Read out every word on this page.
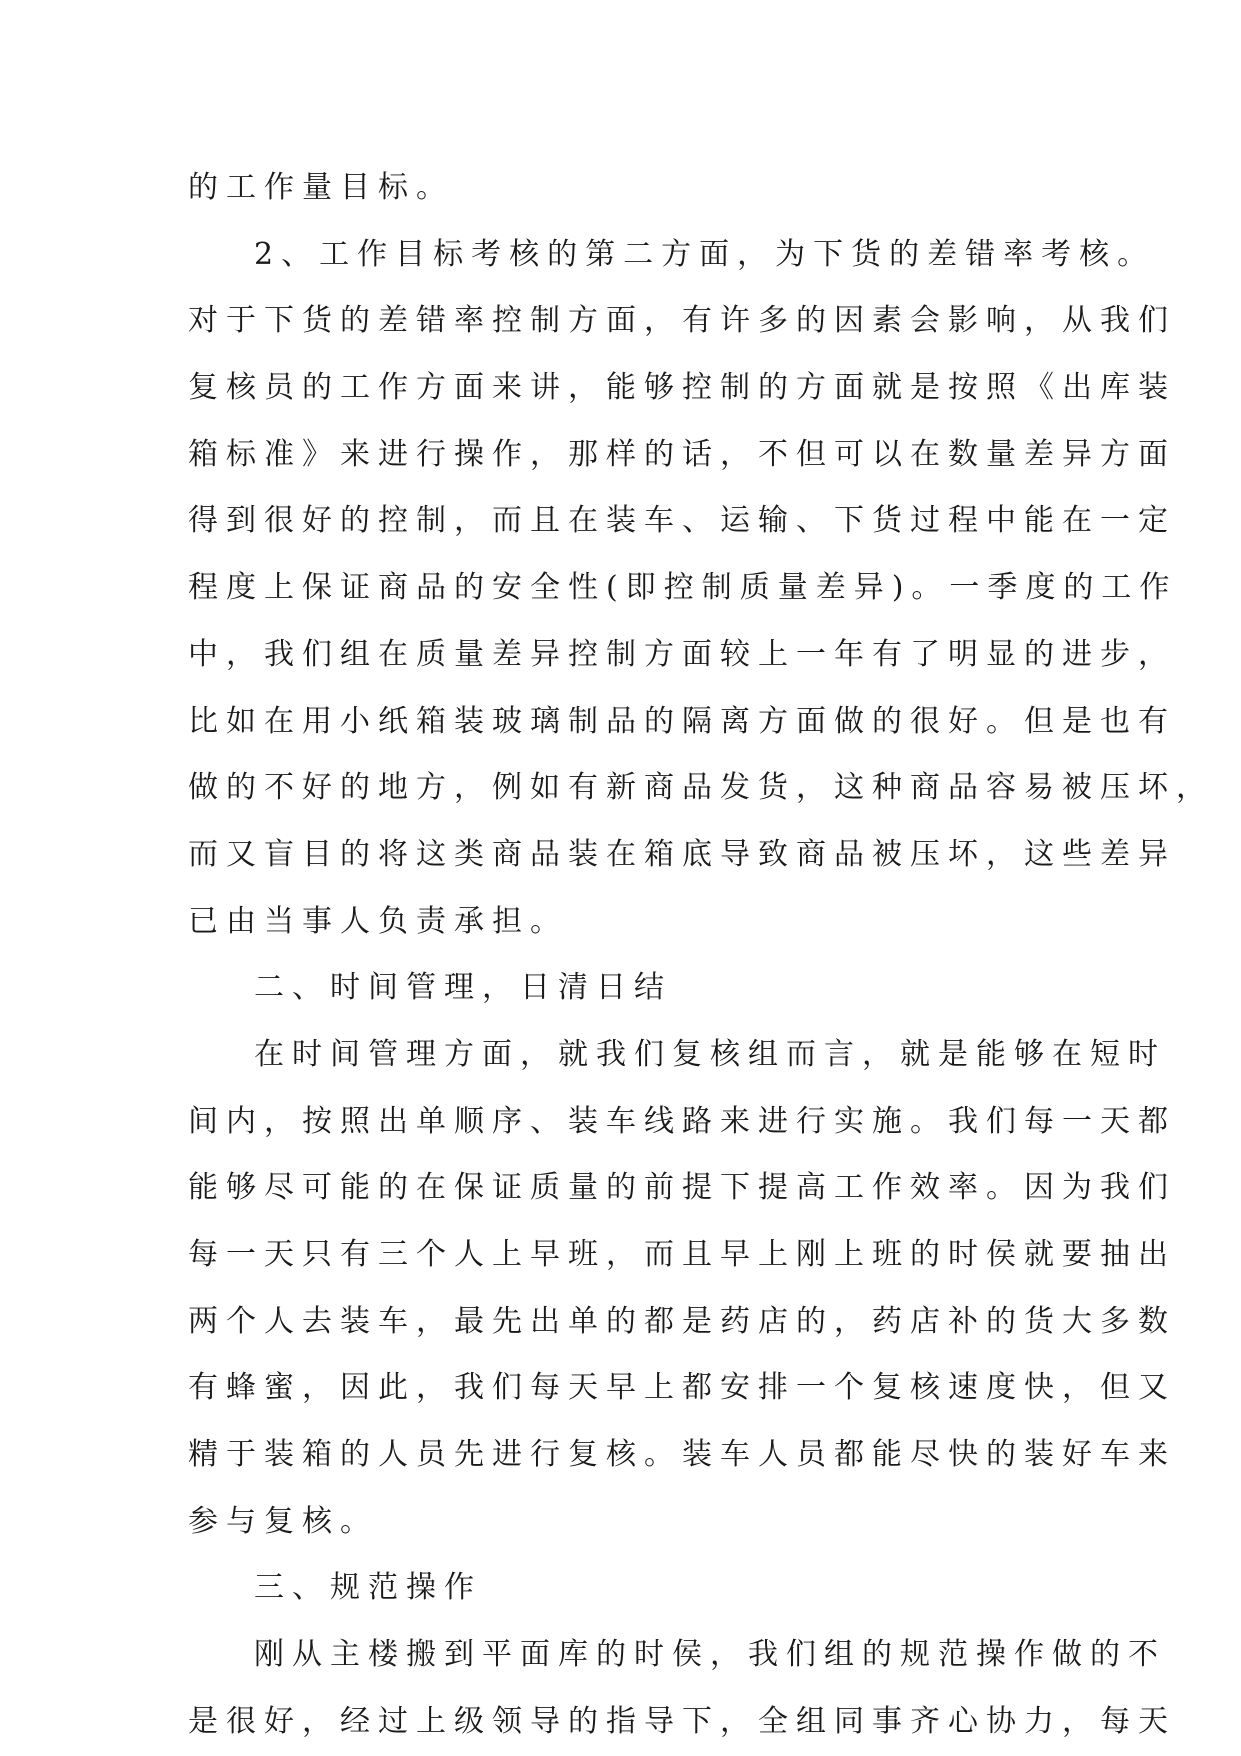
的工作量目标。
2、工作目标考核的第二方面，为下货的差错率考核。
对于下货的差错率控制方面，有许多的因素会影响，从我们
复核员的工作方面来讲，能够控制的方面就是按照《出库装
箱标准》来进行操作，那样的话，不但可以在数量差异方面
得到很好的控制，而且在装车、运输、下货过程中能在一定
程度上保证商品的安全性(即控制质量差异)。一季度的工作
中，我们组在质量差异控制方面较上一年有了明显的进步，
比如在用小纸箱装玻璃制品的隔离方面做的很好。但是也有
做的不好的地方，例如有新商品发货，这种商品容易被压坏，
而又盲目的将这类商品装在箱底导致商品被压坏，这些差异
已由当事人负责承担。
二、时间管理，日清日结
在时间管理方面，就我们复核组而言，就是能够在短时
间内，按照出单顺序、装车线路来进行实施。我们每一天都
能够尽可能的在保证质量的前提下提高工作效率。因为我们
每一天只有三个人上早班，而且早上刚上班的时侯就要抽出
两个人去装车，最先出单的都是药店的，药店补的货大多数
有蜂蜜，因此，我们每天早上都安排一个复核速度快，但又
精于装箱的人员先进行复核。装车人员都能尽快的装好车来
参与复核。
三、规范操作
刚从主楼搬到平面库的时侯，我们组的规范操作做的不
是很好，经过上级领导的指导下，全组同事齐心协力，每天
